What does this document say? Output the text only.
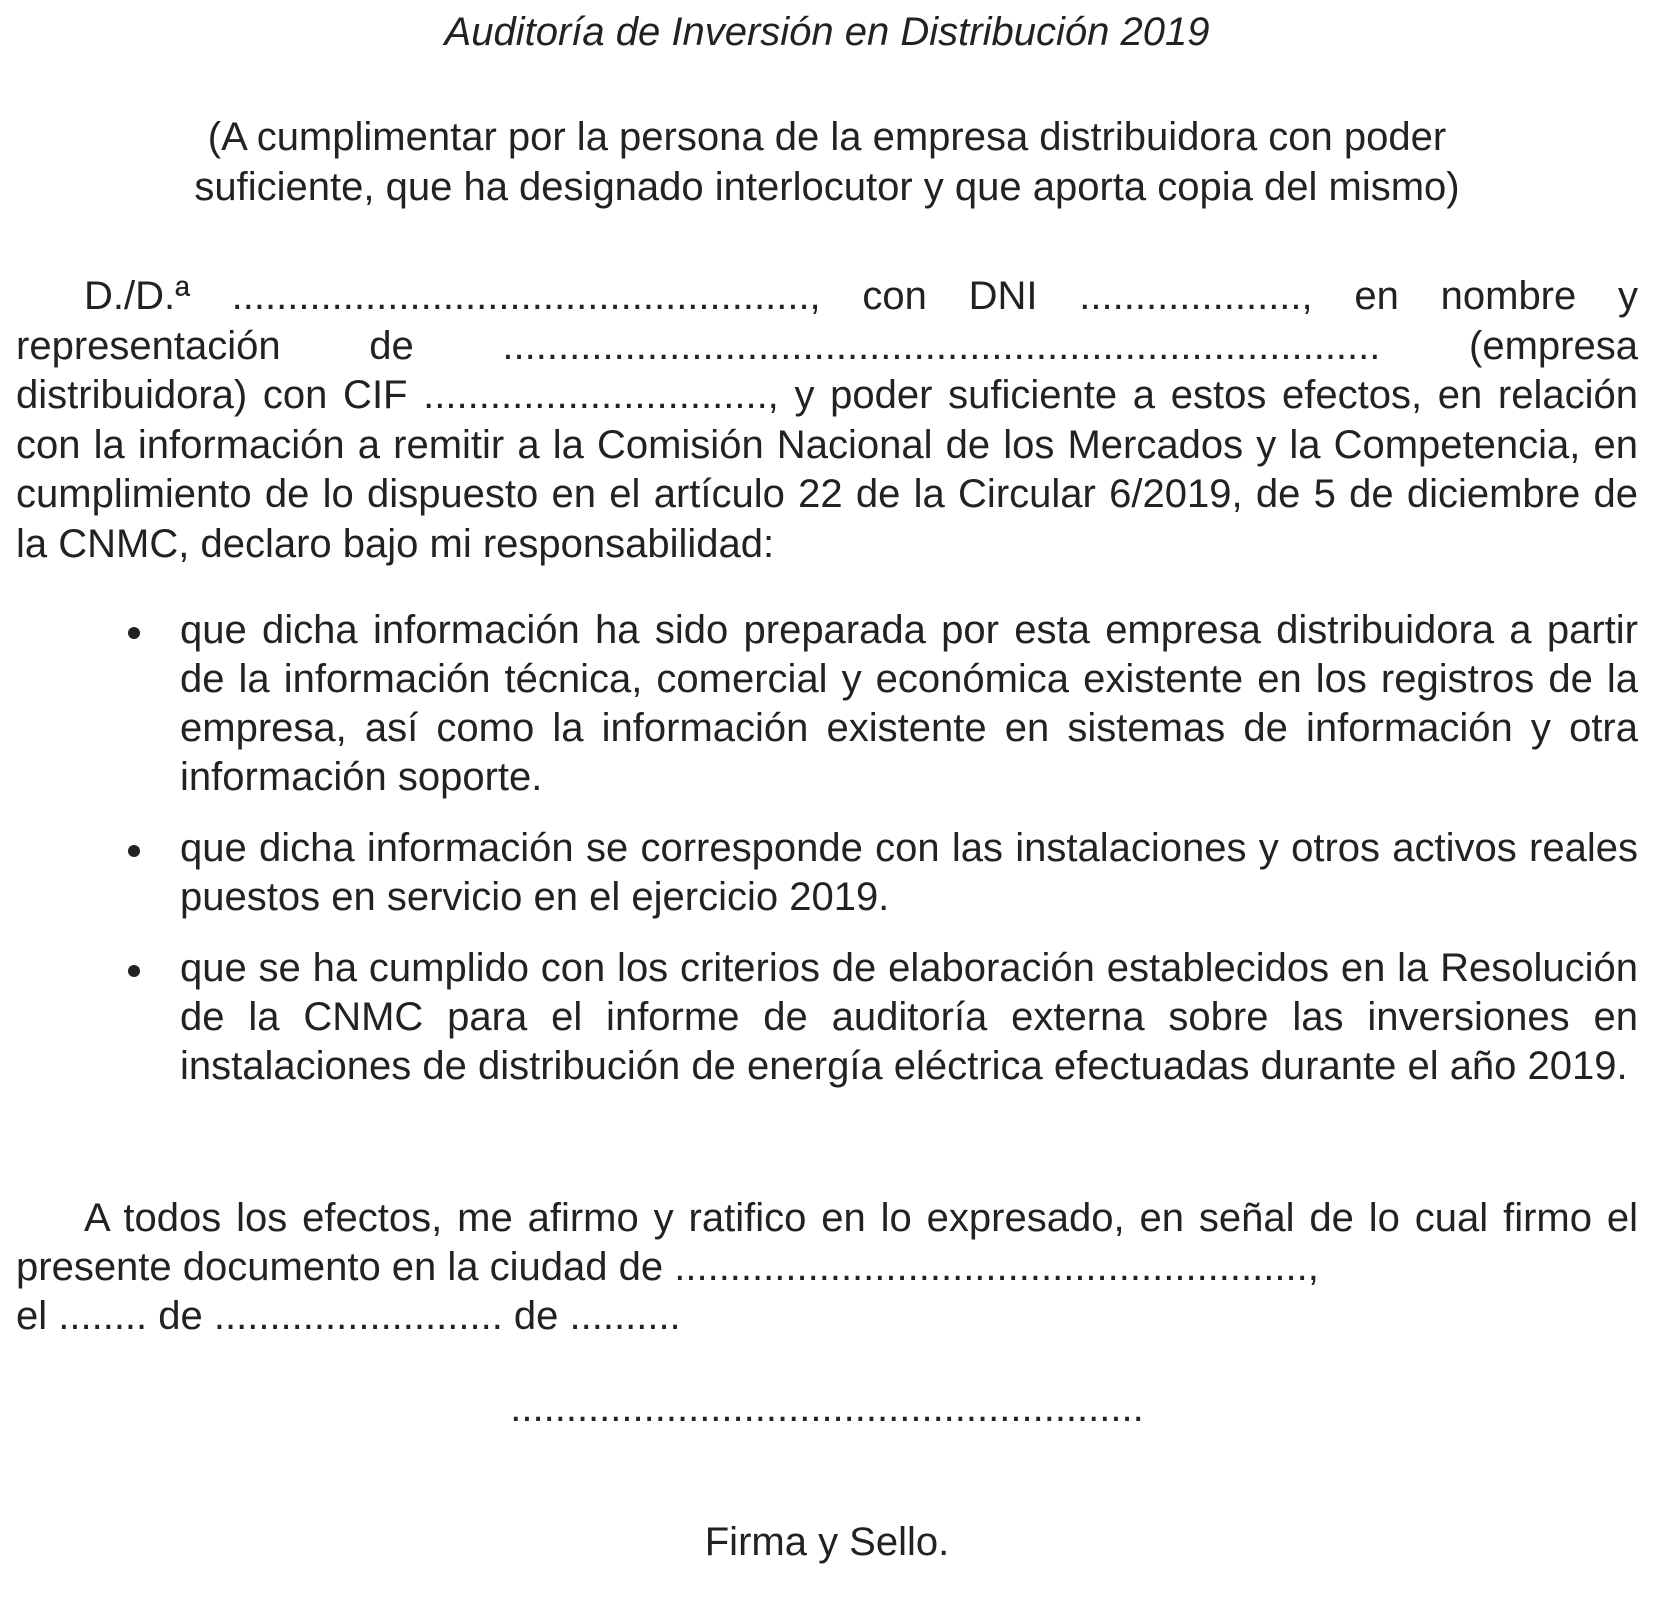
Auditoría de Inversión en Distribución 2019
(A cumplimentar por la persona de la empresa distribuidora con poder
suficiente, que ha designado interlocutor y que aporta copia del mismo)

D./D.ª ...................................................., con DNI ...................., en nombre y representación de ............................................................................... (empresa distribuidora) con CIF ..............................., y poder suficiente a estos efectos, en relación con la información a remitir a la Comisión Nacional de los Mercados y la Competencia, en cumplimiento de lo dispuesto en el artículo 22 de la Circular 6/2019, de 5 de diciembre de la CNMC, declaro bajo mi responsabilidad:

que dicha información ha sido preparada por esta empresa distribuidora a partir de la información técnica, comercial y económica existente en los registros de la empresa, así como la información existente en sistemas de información y otra información soporte.
que dicha información se corresponde con las instalaciones y otros activos reales puestos en servicio en el ejercicio 2019.
que se ha cumplido con los criterios de elaboración establecidos en la Resolución de la CNMC para el informe de auditoría externa sobre las inversiones en instalaciones de distribución de energía eléctrica efectuadas durante el año 2019.

A todos los efectos, me afirmo y ratifico en lo expresado, en señal de lo cual firmo el presente documento en la ciudad de .........................................................,

el ........ de .......................... de ..........

.........................................................
Firma y Sello.
